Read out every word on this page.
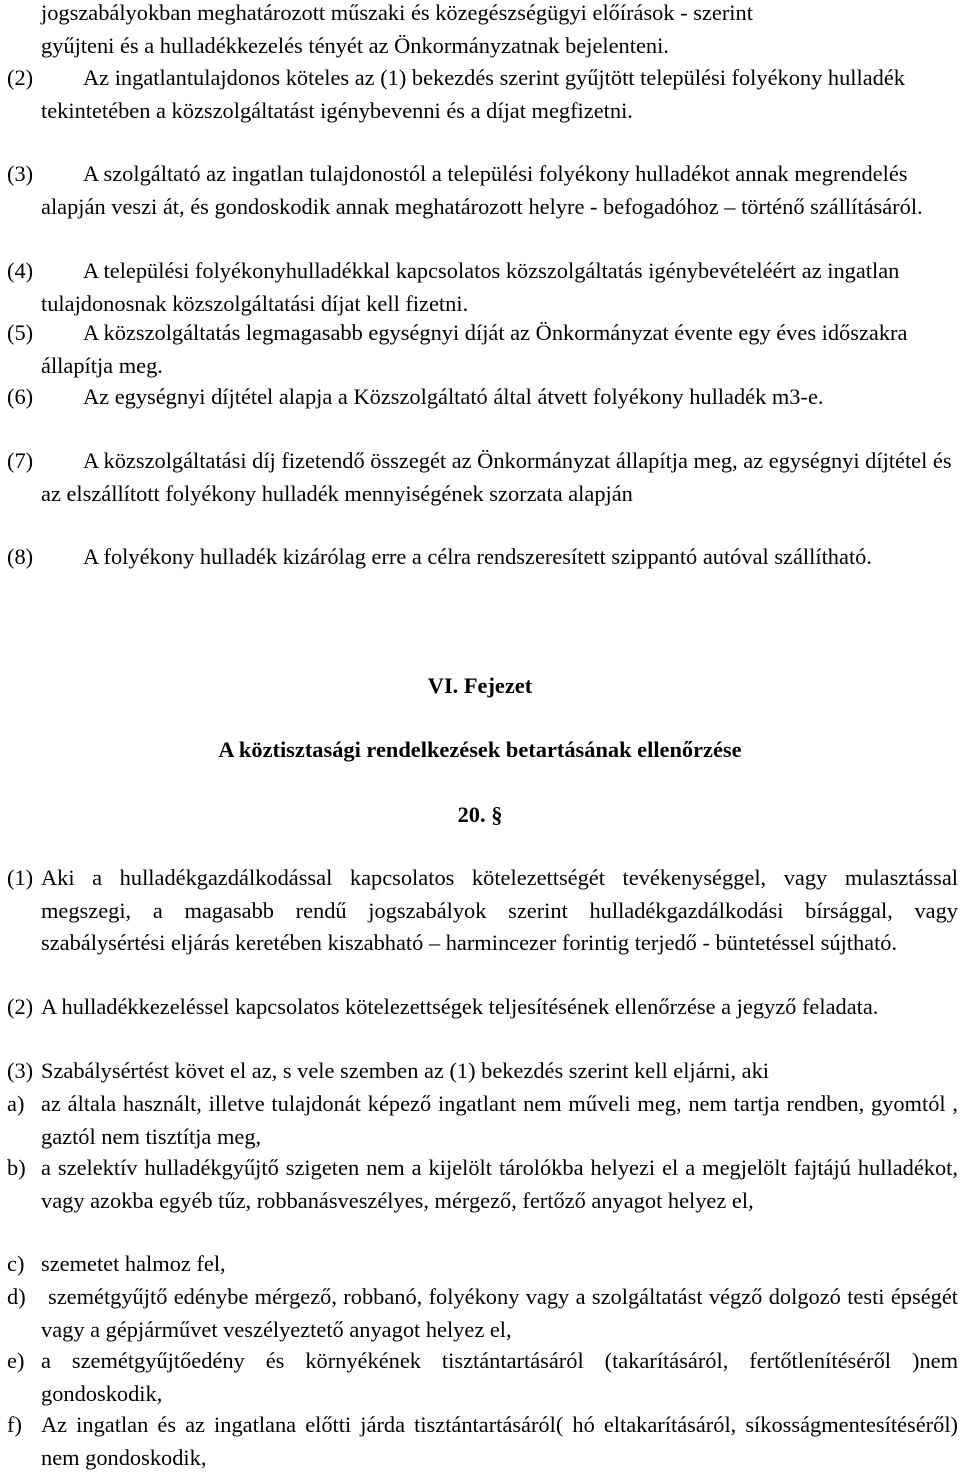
jogszabályokban meghatározott műszaki és közegészségügyi előírások - szerint
gyűjteni és a hulladékkezelés tényét az Önkormányzatnak bejelenteni.
(2)	Az ingatlantulajdonos köteles az (1) bekezdés szerint gyűjtött települési folyékony hulladék tekintetében a közszolgáltatást igénybevenni és a díjat megfizetni.
(3)	A szolgáltató az ingatlan tulajdonostól a települési folyékony hulladékot annak megrendelés alapján veszi át, és gondoskodik annak meghatározott helyre - befogadóhoz – történő szállításáról.
(4)	A települési folyékonyhulladékkal kapcsolatos közszolgáltatás igénybevételéért az ingatlan tulajdonosnak közszolgáltatási díjat kell fizetni.
(5)	A közszolgáltatás legmagasabb egységnyi díját az Önkormányzat évente egy éves időszakra állapítja meg.
(6)	Az egységnyi díjtétel alapja a Közszolgáltató által átvett folyékony hulladék m3-e.
(7)	A közszolgáltatási díj fizetendő összegét az Önkormányzat állapítja meg, az egységnyi díjtétel és az elszállított folyékony hulladék mennyiségének szorzata alapján
(8)	A folyékony hulladék kizárólag erre a célra rendszeresített szippantó autóval szállítható.
VI. Fejezet
A köztisztasági rendelkezések betartásának ellenőrzése
20. §
(1) Aki a hulladékgazdálkodással kapcsolatos kötelezettségét tevékenységgel, vagy mulasztással megszegi, a magasabb rendű jogszabályok szerint hulladékgazdálkodási bírsággal, vagy szabálysértési eljárás keretében kiszabható – harmincezer forintig terjedő - büntetéssel sújtható.
(2) A hulladékkezeléssel kapcsolatos kötelezettségek teljesítésének ellenőrzése a jegyző feladata.
(3) Szabálysértést követ el az, s vele szemben az (1) bekezdés szerint kell eljárni, aki
a) az általa használt, illetve tulajdonát képező ingatlant nem műveli meg, nem tartja rendben, gyomtól , gaztól nem tisztítja meg,
b) a szelektív hulladékgyűjtő szigeten nem a kijelölt tárolókba helyezi el a megjelölt fajtájú hulladékot, vagy azokba egyéb tűz, robbanásveszélyes, mérgező, fertőző anyagot helyez el,
c) szemetet halmoz fel,
d) szemétgyűjtő edénybe mérgező, robbanó, folyékony vagy a szolgáltatást végző dolgozó testi épségét vagy a gépjárművet veszélyeztető anyagot helyez el,
e) a szemétgyűjtőedény és környékének tisztántartásáról (takarításáról, fertőtlenítéséről )nem gondoskodik,
f) Az ingatlan és az ingatlana előtti járda tisztántartásáról( hó eltakarításáról, síkosságmentesítéséről) nem gondoskodik,
